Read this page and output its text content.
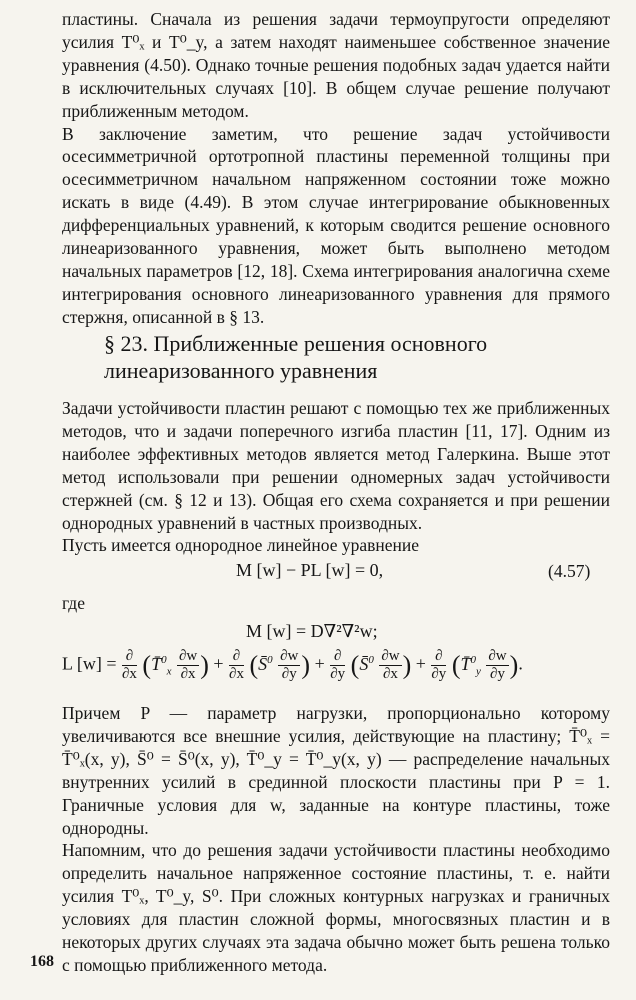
пластины. Сначала из решения задачи термоупругости определяют усилия T⁰ₓ и T⁰_y, а затем находят наименьшее собственное значение уравнения (4.50). Однако точные решения подобных задач удается найти в исключительных случаях [10]. В общем случае решение получают приближенным методом.

В заключение заметим, что решение задач устойчивости осесимметричной ортотропной пластины переменной толщины при осесимметричном начальном напряженном состоянии тоже можно искать в виде (4.49). В этом случае интегрирование обыкновенных дифференциальных уравнений, к которым сводится решение основного линеаризованного уравнения, может быть выполнено методом начальных параметров [12, 18]. Схема интегрирования аналогична схеме интегрирования основного линеаризованного уравнения для прямого стержня, описанной в § 13.

§ 23. Приближенные решения основного линеаризованного уравнения

Задачи устойчивости пластин решают с помощью тех же приближенных методов, что и задачи поперечного изгиба пластин [11, 17]. Одним из наиболее эффективных методов является метод Галеркина. Выше этот метод использовали при решении одномерных задач устойчивости стержней (см. § 12 и 13). Общая его схема сохраняется и при решении однородных уравнений в частных производных.

Пусть имеется однородное линейное уравнение

M [w] − PL [w] = 0,	(4.57)
где
M [w] = D∇²∇²w;
L $[w] = \frac{\partial}{\partial x}$ (T̄$^0_x$ $\frac{\partial w}{\partial x}$ ) + $\frac{\partial}{\partial x}$ (S̄$^0$ $\frac{\partial w}{\partial y}$ ) + $\frac{\partial}{\partial y}$ (S̄$^0$ $\frac{\partial w}{\partial x}$ ) + $\frac{\partial}{\partial y}$ (T̄$^0_y$ $\frac{\partial w}{\partial y}$ ).

Причем P — параметр нагрузки, пропорционально которому увеличиваются все внешние усилия, действующие на пластину; T̄⁰ₓ = T̄⁰ₓ(x, y), S̄⁰ = S̄⁰(x, y), T̄⁰_y = T̄⁰_y(x, y) — распределение начальных внутренних усилий в срединной плоскости пластины при P = 1. Граничные условия для w, заданные на контуре пластины, тоже однородны.

Напомним, что до решения задачи устойчивости пластины необходимо определить начальное напряженное состояние пластины, т. е. найти усилия T⁰ₓ, T⁰_y, S⁰. При сложных контурных нагрузках и граничных условиях для пластин сложной формы, многосвязных пластин и в некоторых других случаях эта задача обычно может быть решена только с помощью приближенного метода.

168
